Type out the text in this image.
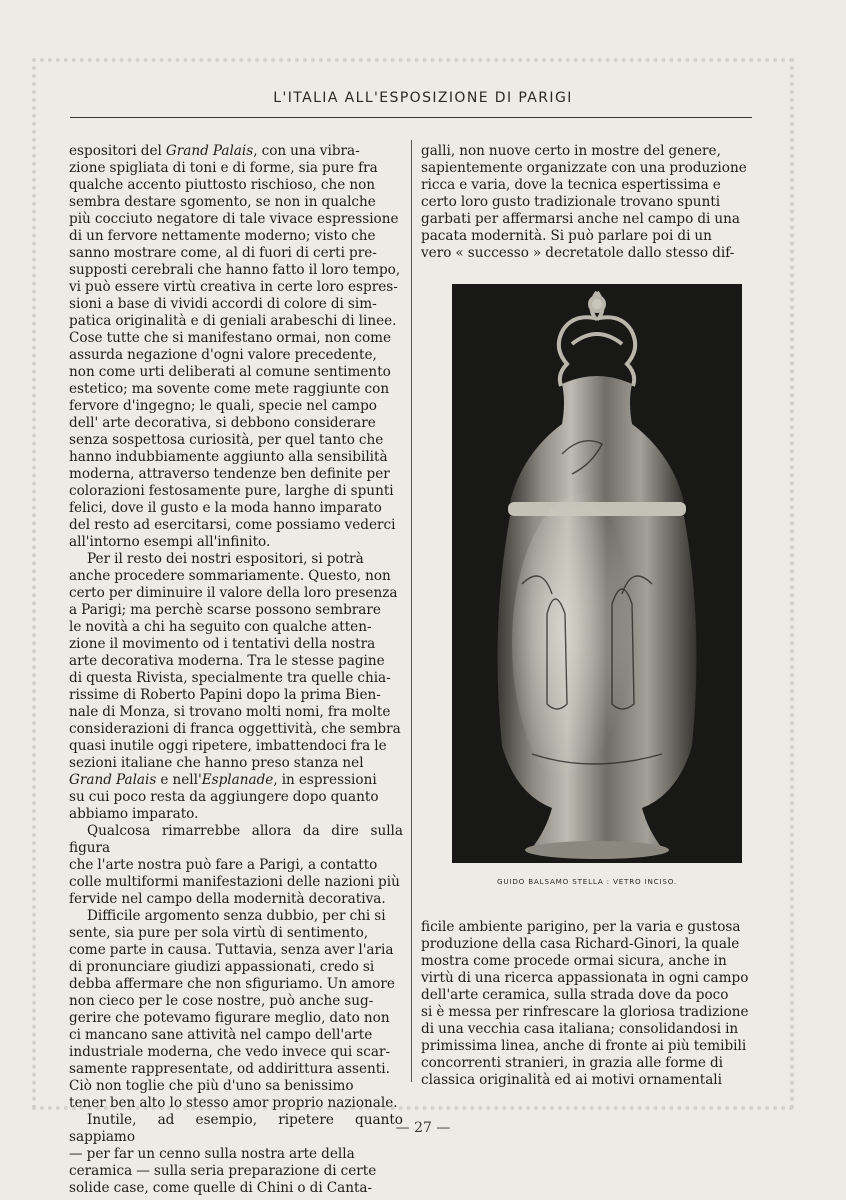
L'ITALIA ALL'ESPOSIZIONE DI PARIGI

espositori del Grand Palais, con una vibra-
zione spigliata di toni e di forme, sia pure fra
qualche accento piuttosto rischioso, che non
sembra destare sgomento, se non in qualche
più cocciuto negatore di tale vivace espressione
di un fervore nettamente moderno; visto che
sanno mostrare come, al di fuori di certi pre-
supposti cerebrali che hanno fatto il loro tempo,
vi può essere virtù creativa in certe loro espres-
sioni a base di vividi accordi di colore di sim-
patica originalità e di geniali arabeschi di linee.
Cose tutte che si manifestano ormai, non come
assurda negazione d'ogni valore precedente,
non come urti deliberati al comune sentimento
estetico; ma sovente come mete raggiunte con
fervore d'ingegno; le quali, specie nel campo
dell' arte decorativa, si debbono considerare
senza sospettosa curiosità, per quel tanto che
hanno indubbiamente aggiunto alla sensibilità
moderna, attraverso tendenze ben definite per
colorazioni festosamente pure, larghe di spunti
felici, dove il gusto e la moda hanno imparato
del resto ad esercitarsi, come possiamo vederci
all'intorno esempi all'infinito.

Per il resto dei nostri espositori, si potrà
anche procedere sommariamente. Questo, non
certo per diminuire il valore della loro presenza
a Parigi; ma perchè scarse possono sembrare
le novità a chi ha seguito con qualche atten-
zione il movimento od i tentativi della nostra
arte decorativa moderna. Tra le stesse pagine
di questa Rivista, specialmente tra quelle chia-
rissime di Roberto Papini dopo la prima Bien-
nale di Monza, si trovano molti nomi, fra molte
considerazioni di franca oggettività, che sembra
quasi inutile oggi ripetere, imbattendoci fra le
sezioni italiane che hanno preso stanza nel
Grand Palais e nell'Esplanade, in espressioni
su cui poco resta da aggiungere dopo quanto
abbiamo imparato.

Qualcosa rimarrebbe allora da dire sulla figura
che l'arte nostra può fare a Parigi, a contatto
colle multiformi manifestazioni delle nazioni più
fervide nel campo della modernità decorativa.

Difficile argomento senza dubbio, per chi si
sente, sia pure per sola virtù di sentimento,
come parte in causa. Tuttavia, senza aver l'aria
di pronunciare giudizi appassionati, credo si
debba affermare che non sfiguriamo. Un amore
non cieco per le cose nostre, può anche sug-
gerire che potevamo figurare meglio, dato non
ci mancano sane attività nel campo dell'arte
industriale moderna, che vedo invece qui scar-
samente rappresentate, od addirittura assenti.
Ciò non toglie che più d'uno sa benissimo
tener ben alto lo stesso amor proprio nazionale.

Inutile, ad esempio, ripetere quanto sappiamo
— per far un cenno sulla nostra arte della
ceramica — sulla seria preparazione di certe
solide case, come quelle di Chini o di Canta-

galli, non nuove certo in mostre del genere,
sapientemente organizzate con una produzione
ricca e varia, dove la tecnica espertissima e
certo loro gusto tradizionale trovano spunti
garbati per affermarsi anche nel campo di una
pacata modernità. Si può parlare poi di un
vero « successo » decretatole dallo stesso dif-

GUIDO BALSAMO STELLA : VETRO INCISO.

ficile ambiente parigino, per la varia e gustosa
produzione della casa Richard-Ginori, la quale
mostra come procede ormai sicura, anche in
virtù di una ricerca appassionata in ogni campo
dell'arte ceramica, sulla strada dove da poco
si è messa per rinfrescare la gloriosa tradizione
di una vecchia casa italiana; consolidandosi in
primissima linea, anche di fronte ai più temibili
concorrenti stranieri, in grazia alle forme di
classica originalità ed ai motivi ornamentali

— 27 —
